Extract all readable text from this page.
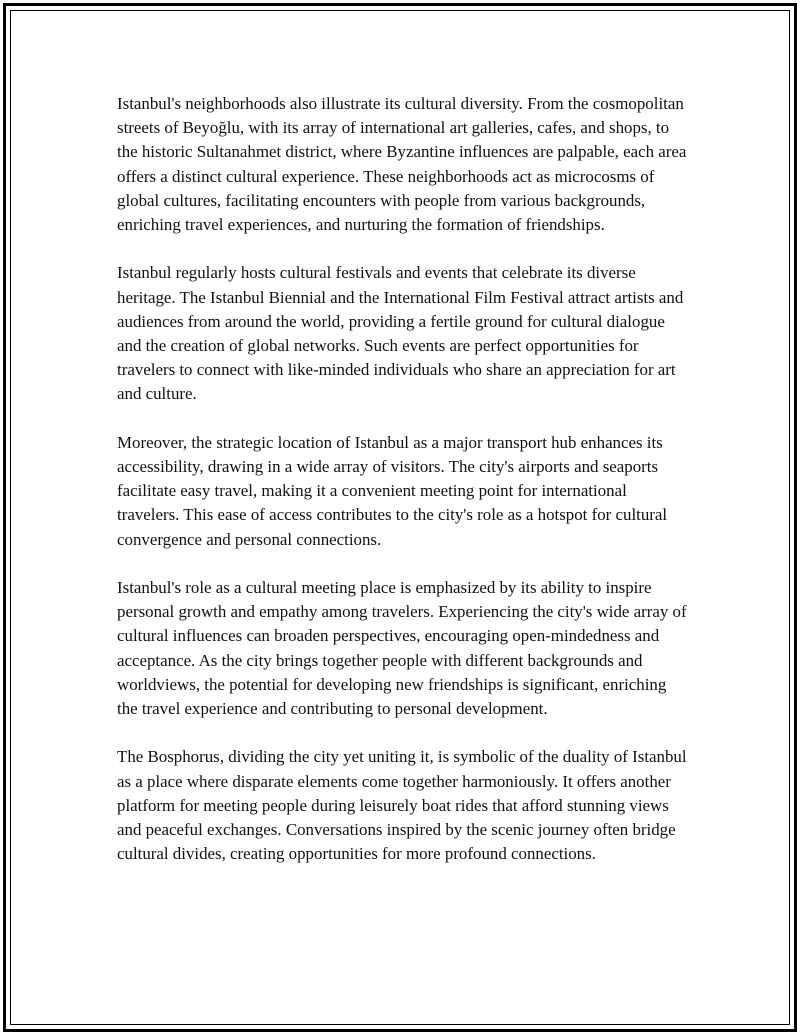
Istanbul's neighborhoods also illustrate its cultural diversity. From the cosmopolitan streets of Beyoğlu, with its array of international art galleries, cafes, and shops, to the historic Sultanahmet district, where Byzantine influences are palpable, each area offers a distinct cultural experience. These neighborhoods act as microcosms of global cultures, facilitating encounters with people from various backgrounds, enriching travel experiences, and nurturing the formation of friendships.

Istanbul regularly hosts cultural festivals and events that celebrate its diverse heritage. The Istanbul Biennial and the International Film Festival attract artists and audiences from around the world, providing a fertile ground for cultural dialogue and the creation of global networks. Such events are perfect opportunities for travelers to connect with like-minded individuals who share an appreciation for art and culture.

Moreover, the strategic location of Istanbul as a major transport hub enhances its accessibility, drawing in a wide array of visitors. The city's airports and seaports facilitate easy travel, making it a convenient meeting point for international travelers. This ease of access contributes to the city's role as a hotspot for cultural convergence and personal connections.

Istanbul's role as a cultural meeting place is emphasized by its ability to inspire personal growth and empathy among travelers. Experiencing the city's wide array of cultural influences can broaden perspectives, encouraging open-mindedness and acceptance. As the city brings together people with different backgrounds and worldviews, the potential for developing new friendships is significant, enriching the travel experience and contributing to personal development.

The Bosphorus, dividing the city yet uniting it, is symbolic of the duality of Istanbul as a place where disparate elements come together harmoniously. It offers another platform for meeting people during leisurely boat rides that afford stunning views and peaceful exchanges. Conversations inspired by the scenic journey often bridge cultural divides, creating opportunities for more profound connections.
